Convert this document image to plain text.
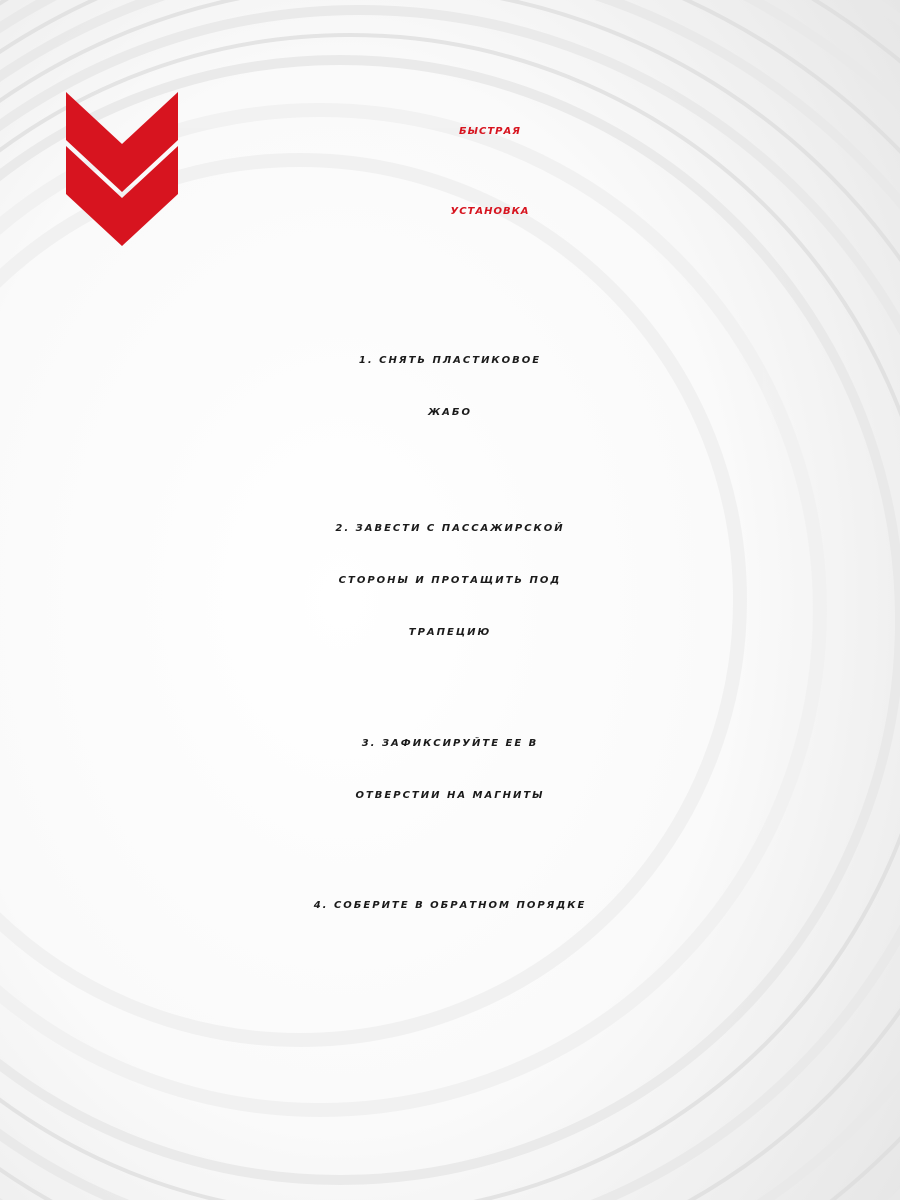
БЫСТРАЯ
УСТАНОВКА
1. СНЯТЬ ПЛАСТИКОВОЕ
ЖАБО
2. ЗАВЕСТИ С ПАССАЖИРСКОЙ
СТОРОНЫ И ПРОТАЩИТЬ ПОД
ТРАПЕЦИЮ
3. ЗАФИКСИРУЙТЕ ЕЕ В
ОТВЕРСТИИ НА МАГНИТЫ
4. СОБЕРИТЕ В ОБРАТНОМ ПОРЯДКЕ
